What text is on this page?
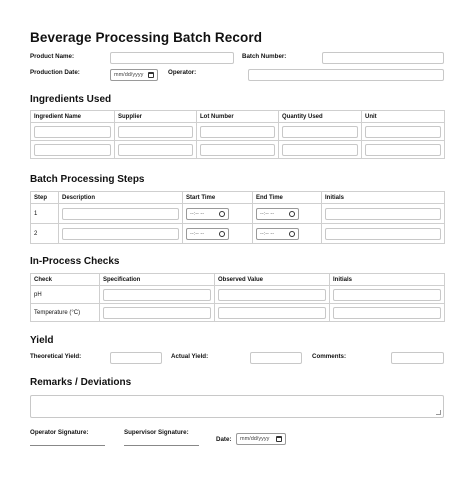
Beverage Processing Batch Record
Product Name:	Batch Number:
Production Date:	mm/dd/yyyy	Operator:
Ingredients Used
Ingredient Name	Supplier	Lot Number	Quantity Used	Unit

Batch Processing Steps
Step	Description	Start Time	End Time	Initials
1		--:-- --	--:-- --	

2		--:-- --	--:-- --	

In-Process Checks
Check	Specification	Observed Value	Initials
pH	

Temperature (°C)	

Yield
Theoretical Yield:	Actual Yield:	Comments:
Remarks / Deviations
Operator Signature:	Supervisor Signature:
Date: mm/dd/yyyy
